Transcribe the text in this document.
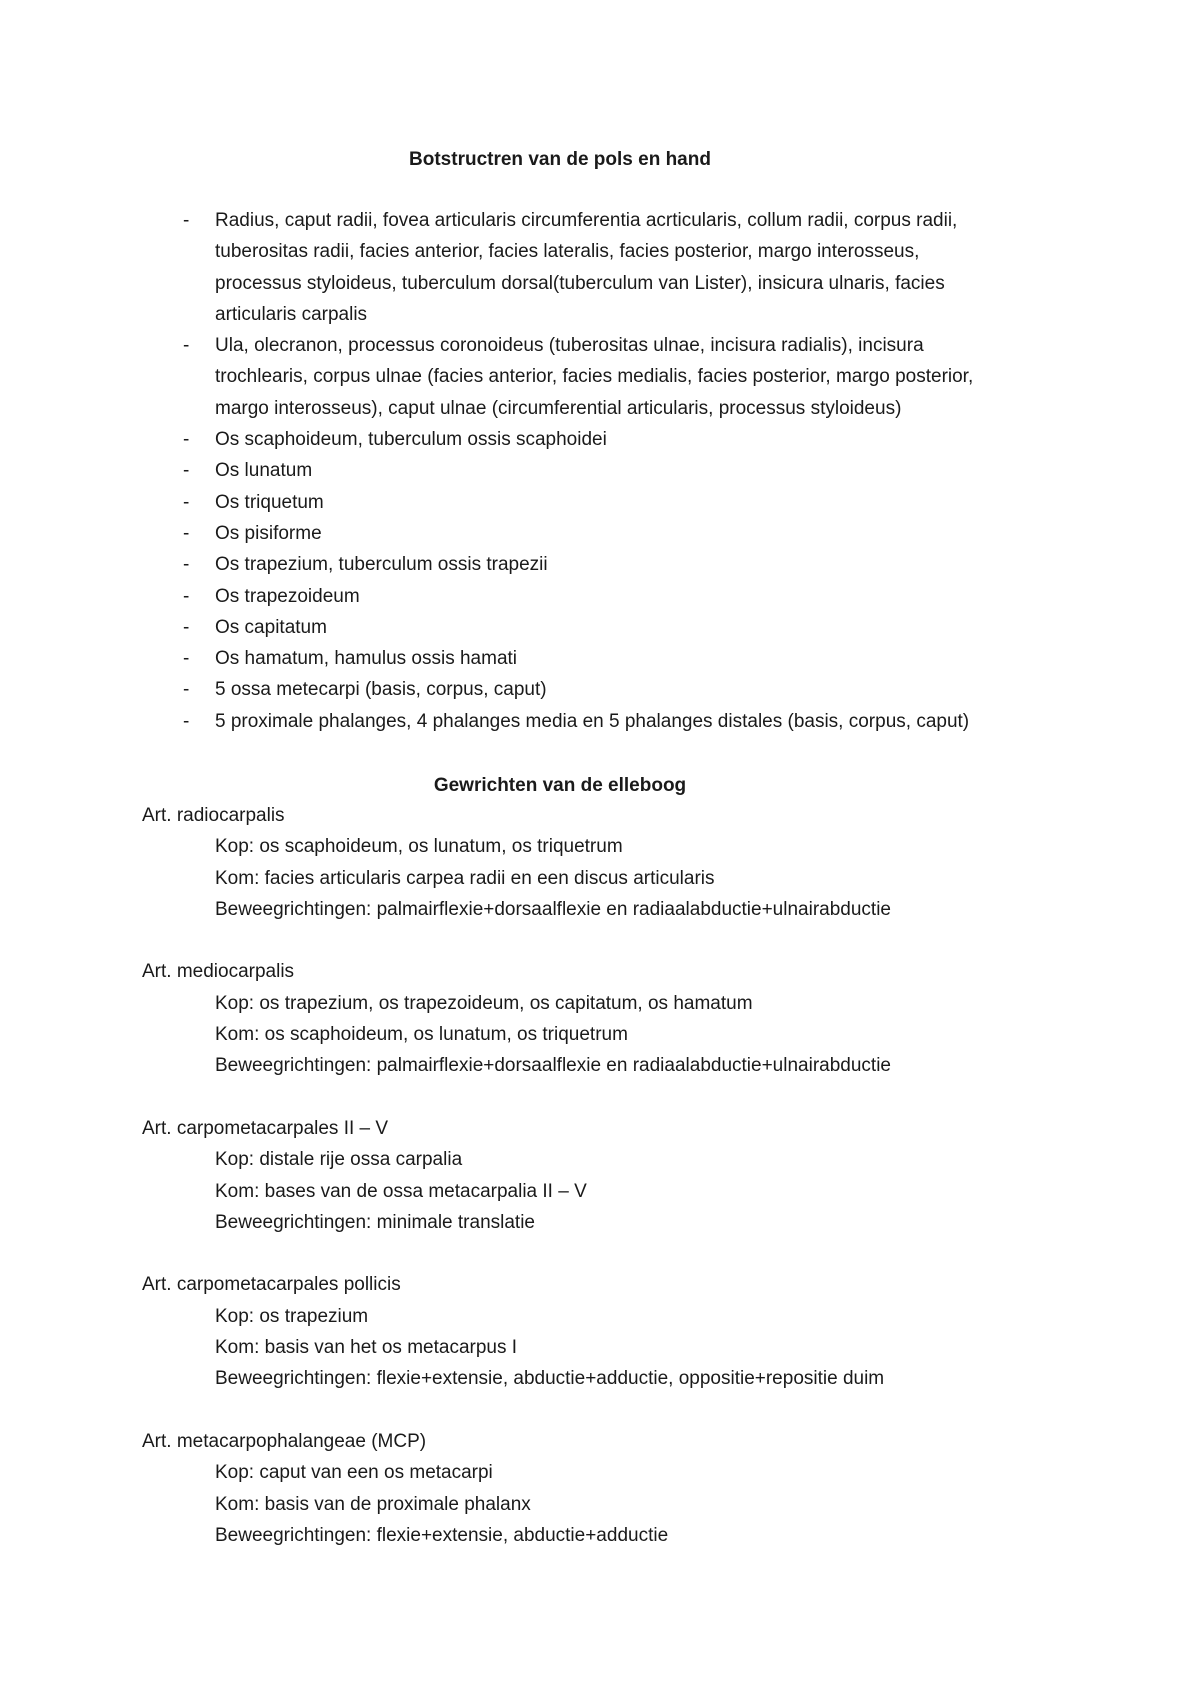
Botstructren van de pols en hand
- Radius, caput radii, fovea articularis circumferentia acrticularis, collum radii, corpus radii,
tuberositas radii, facies anterior, facies lateralis, facies posterior, margo interosseus,
processus styloideus, tuberculum dorsal(tuberculum van Lister), insicura ulnaris, facies
articularis carpalis
- Ula, olecranon, processus coronoideus (tuberositas ulnae, incisura radialis), incisura
trochlearis, corpus ulnae (facies anterior, facies medialis, facies posterior, margo posterior,
margo interosseus), caput ulnae (circumferential articularis, processus styloideus)
- Os scaphoideum, tuberculum ossis scaphoidei
- Os lunatum
- Os triquetum
- Os pisiforme
- Os trapezium, tuberculum ossis trapezii
- Os trapezoideum
- Os capitatum
- Os hamatum, hamulus ossis hamati
- 5 ossa metecarpi (basis, corpus, caput)
- 5 proximale phalanges, 4 phalanges media en 5 phalanges distales (basis, corpus, caput)
Gewrichten van de elleboog
Art. radiocarpalis
Kop: os scaphoideum, os lunatum, os triquetrum
Kom: facies articularis carpea radii en een discus articularis
Beweegrichtingen: palmairflexie+dorsaalflexie en radiaalabductie+ulnairabductie
Art. mediocarpalis
Kop: os trapezium, os trapezoideum, os capitatum, os hamatum
Kom: os scaphoideum, os lunatum, os triquetrum
Beweegrichtingen: palmairflexie+dorsaalflexie en radiaalabductie+ulnairabductie
Art. carpometacarpales II – V
Kop: distale rije ossa carpalia
Kom: bases van de ossa metacarpalia II – V
Beweegrichtingen: minimale translatie
Art. carpometacarpales pollicis
Kop: os trapezium
Kom: basis van het os metacarpus I
Beweegrichtingen: flexie+extensie, abductie+adductie, oppositie+repositie duim
Art. metacarpophalangeae (MCP)
Kop: caput van een os metacarpi
Kom: basis van de proximale phalanx
Beweegrichtingen: flexie+extensie, abductie+adductie
